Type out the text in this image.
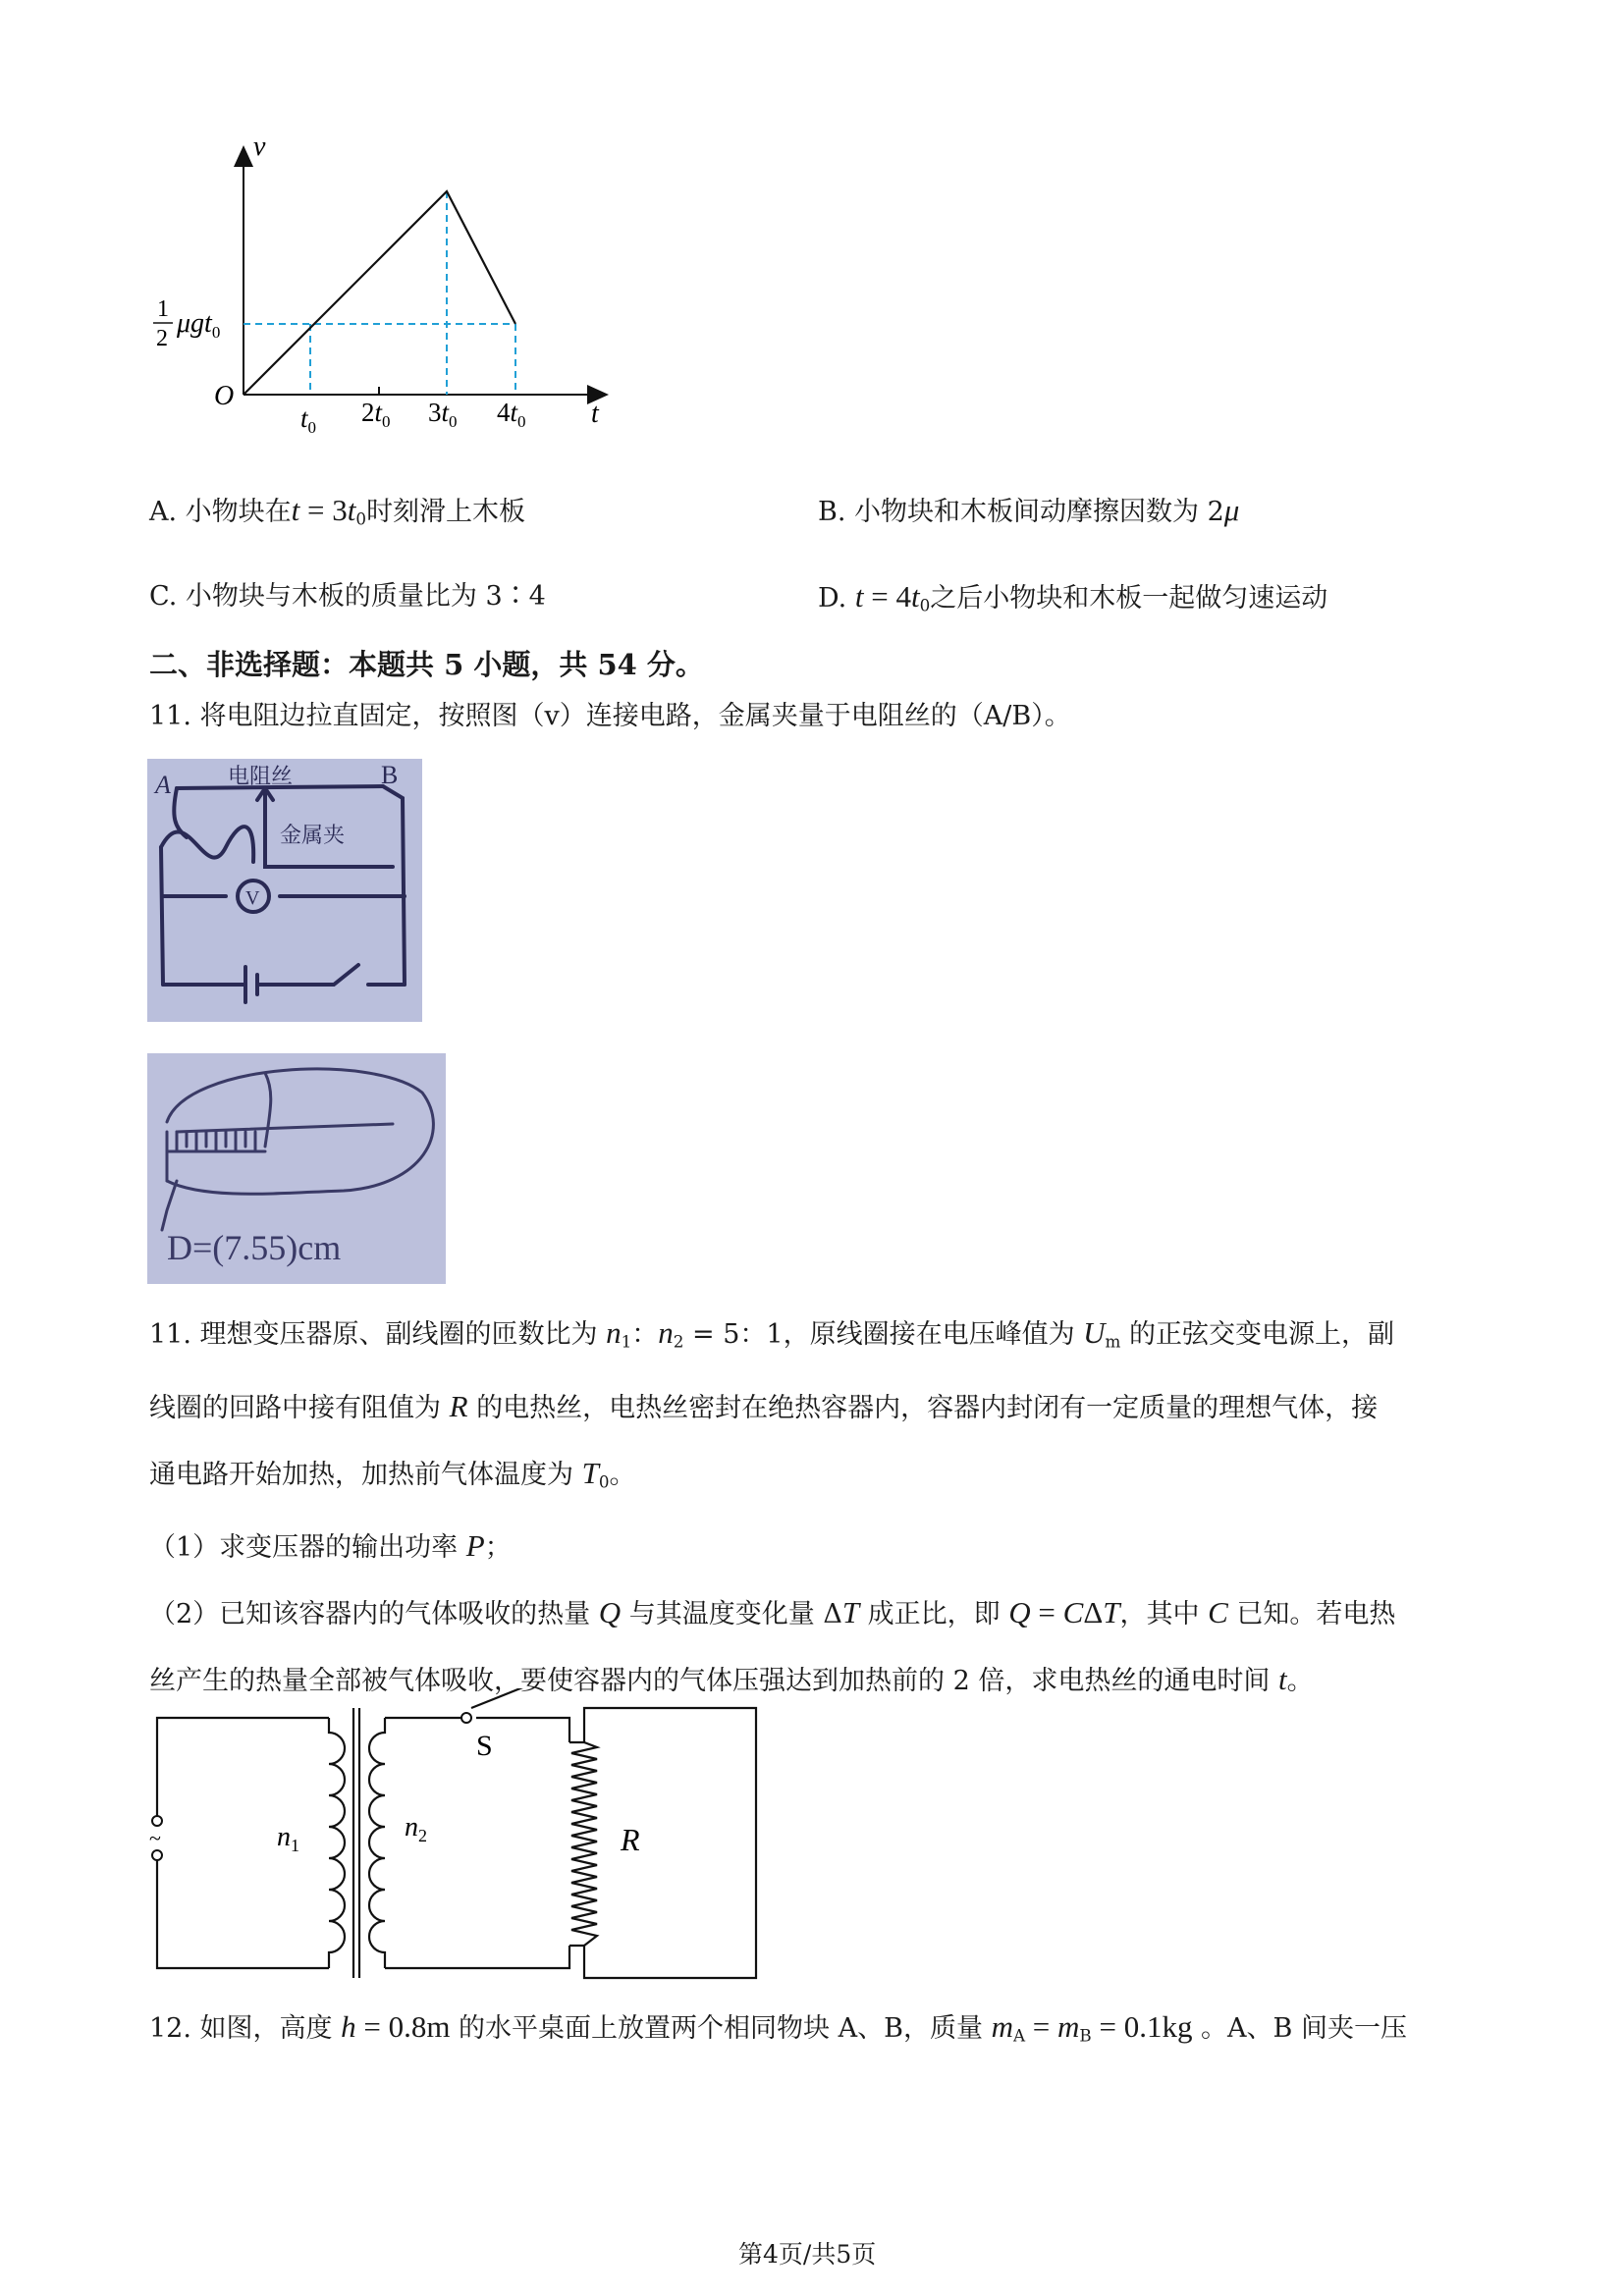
v
t
O
1
2 μgt$_0$
$t_0$
$2t_0$ $3t_0$ $4t_0$
A. 小物块在$t = 3t_0$时刻滑上木板	B. 小物块和木板间动摩擦因数为 2μ
C. 小物块与木板的质量比为 3∶4	D. $t = 4t_0$之后小物块和木板一起做匀速运动
二、非选择题：本题共 5 小题，共 54 分。
11. 将电阻边拉直固定，按照图（v）连接电路，金属夹量于电阻丝的（A/B）。
A	B
电阻丝
金属夹
V
D=(7.55)cm
11. 理想变压器原、副线圈的匝数比为 $n_1$：$n_2 = 5$：1，原线圈接在电压峰值为 $U_m$ 的正弦交变电源上，副
线圈的回路中接有阻值为 R 的电热丝，电热丝密封在绝热容器内，容器内封闭有一定质量的理想气体，接
通电路开始加热，加热前气体温度为 $T_0$。
（1）求变压器的输出功率 P；
（2）已知该容器内的气体吸收的热量 Q 与其温度变化量 ΔT 成正比，即 Q = CΔT，其中 C 已知。若电热
丝产生的热量全部被气体吸收，要使容器内的气体压强达到加热前的 2 倍，求电热丝的通电时间 t。
~
S
$n_1$
$n_2$	R
12. 如图，高度 h = 0.8m 的水平桌面上放置两个相同物块 A、B，质量 $m_A = m_B = 0.1kg$ 。A、B 间夹一压
第4页/共5页
